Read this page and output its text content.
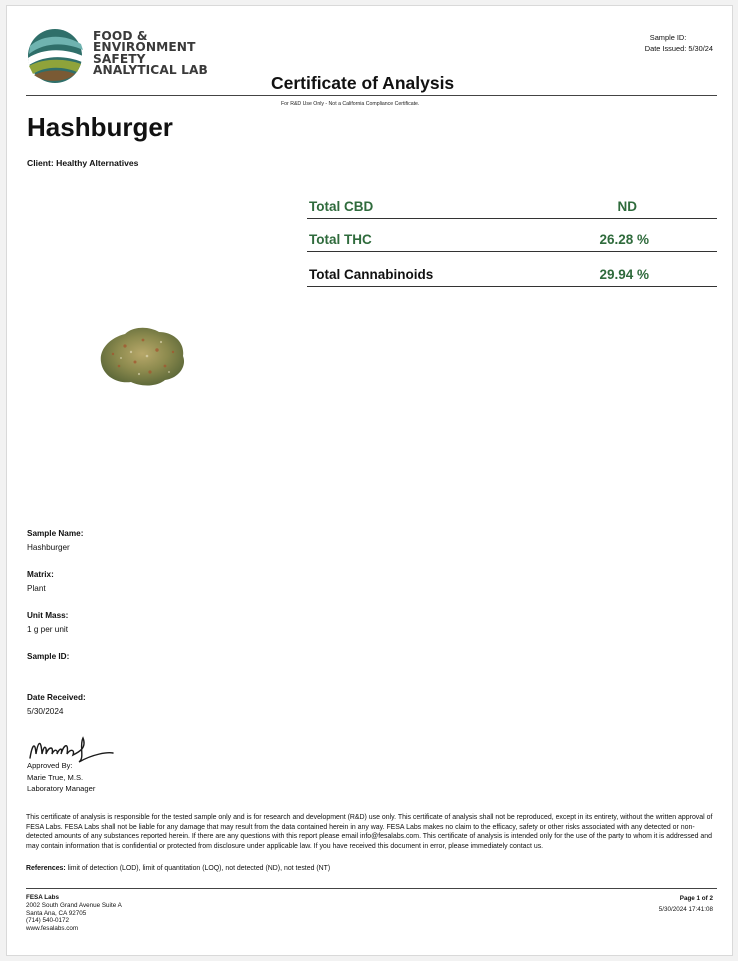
FOOD &
ENVIRONMENT
SAFETY
ANALYTICAL LAB
Certificate of Analysis
Sample ID:
Date Issued: 5/30/24
For R&D Use Only - Not a California Compliance Certificate.
Hashburger
Client: Healthy Alternatives
Total CBD	ND
Total THC	26.28 %
Total Cannabinoids	29.94 %
Sample Name:
Hashburger
Matrix:
Plant
Unit Mass:
1 g per unit
Sample ID:
Date Received:
5/30/2024
Approved By:
Marie True, M.S.
Laboratory Manager
This certificate of analysis is responsible for the tested sample only and is for research and development (R&D) use only. This certificate of analysis shall not be reproduced, except in its entirety, without the written approval of FESA Labs. FESA Labs shall not be liable for any damage that may result from the data contained herein in any way. FESA Labs makes no claim to the efficacy, safety or other risks associated with any detected or non-detected amounts of any substances reported herein. If there are any questions with this report please email info@fesalabs.com. This certificate of analysis is intended only for the use of the party to whom it is addressed and may contain information that is confidential or protected from disclosure under applicable law. If you have received this document in error, please immediately contact us.
References: limit of detection (LOD), limit of quantitation (LOQ), not detected (ND), not tested (NT)
FESA Labs
2002 South Grand Avenue Suite A
Santa Ana, CA 92705
(714) 540-0172
www.fesalabs.com
Page 1 of 2
5/30/2024 17:41:08
